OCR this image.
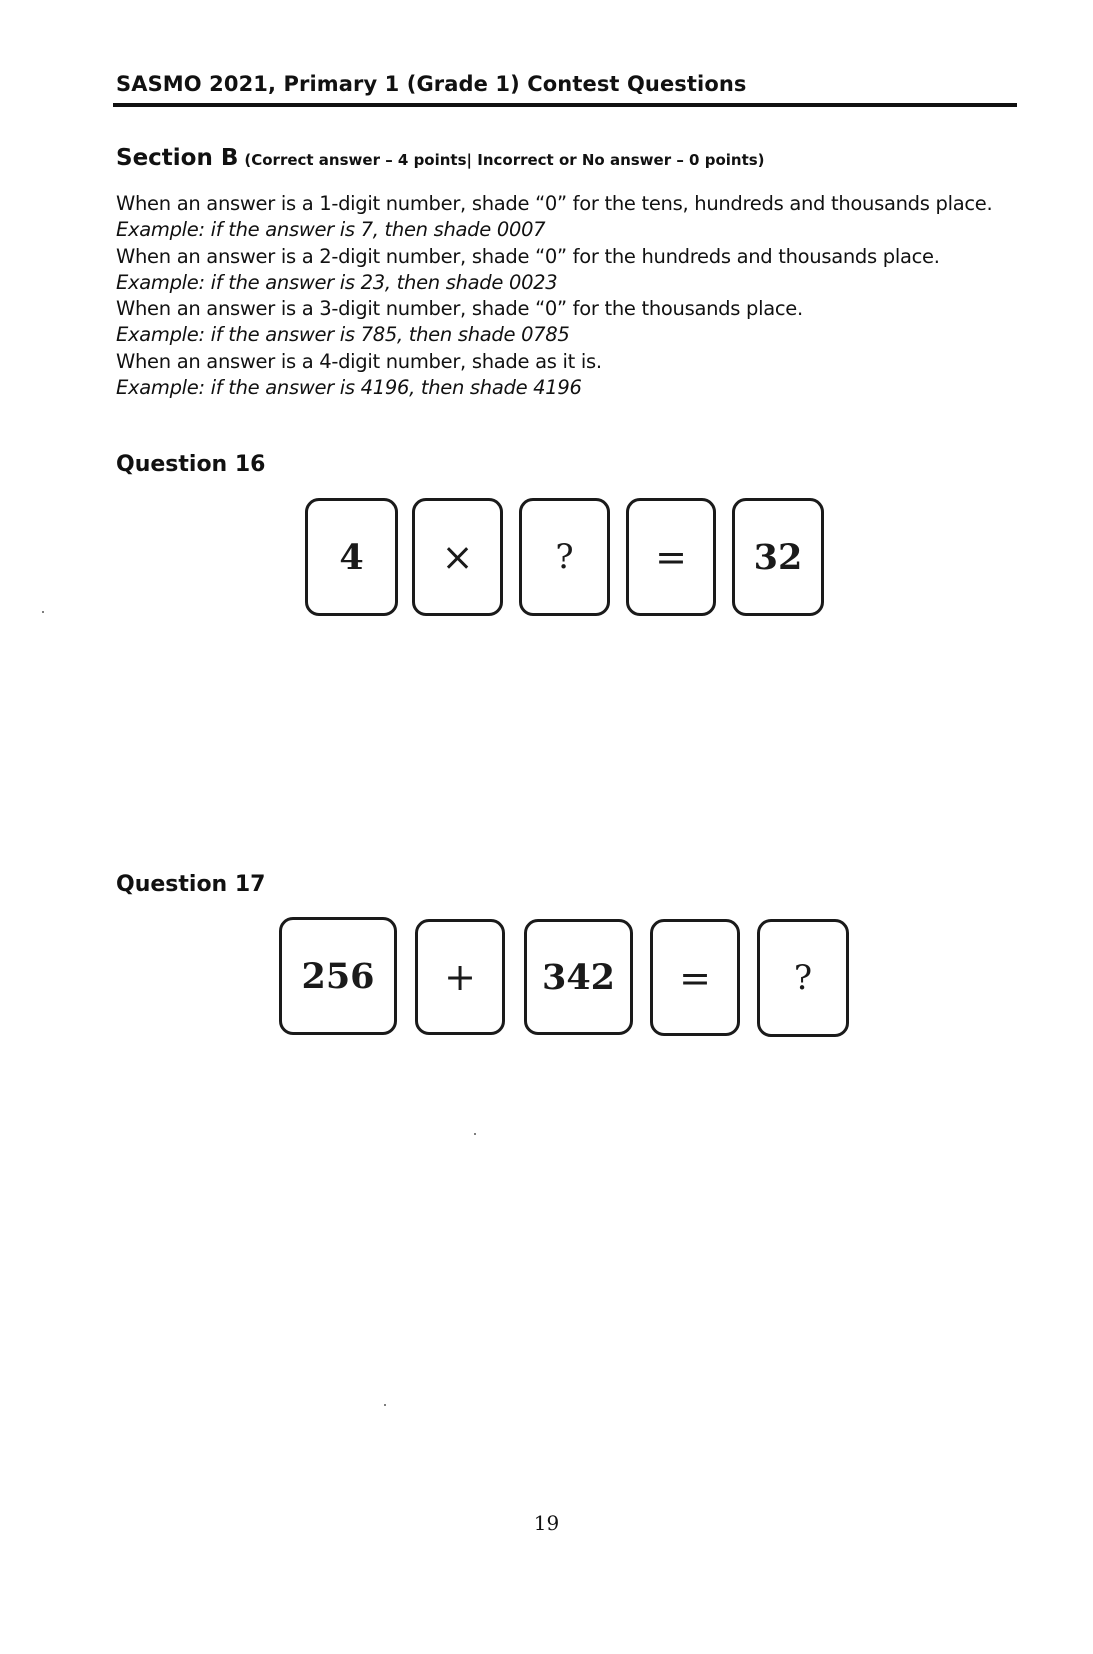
SASMO 2021, Primary 1 (Grade 1) Contest Questions
Section B (Correct answer – 4 points| Incorrect or No answer – 0 points)
When an answer is a 1-digit number, shade “0” for the tens, hundreds and thousands place.
Example: if the answer is 7, then shade 0007
When an answer is a 2-digit number, shade “0” for the hundreds and thousands place.
Example: if the answer is 23, then shade 0023
When an answer is a 3-digit number, shade “0” for the thousands place.
Example: if the answer is 785, then shade 0785
When an answer is a 4-digit number, shade as it is.
Example: if the answer is 4196, then shade 4196
Question 16
4 × ? = 32
Question 17
256 + 342 = ?
19
